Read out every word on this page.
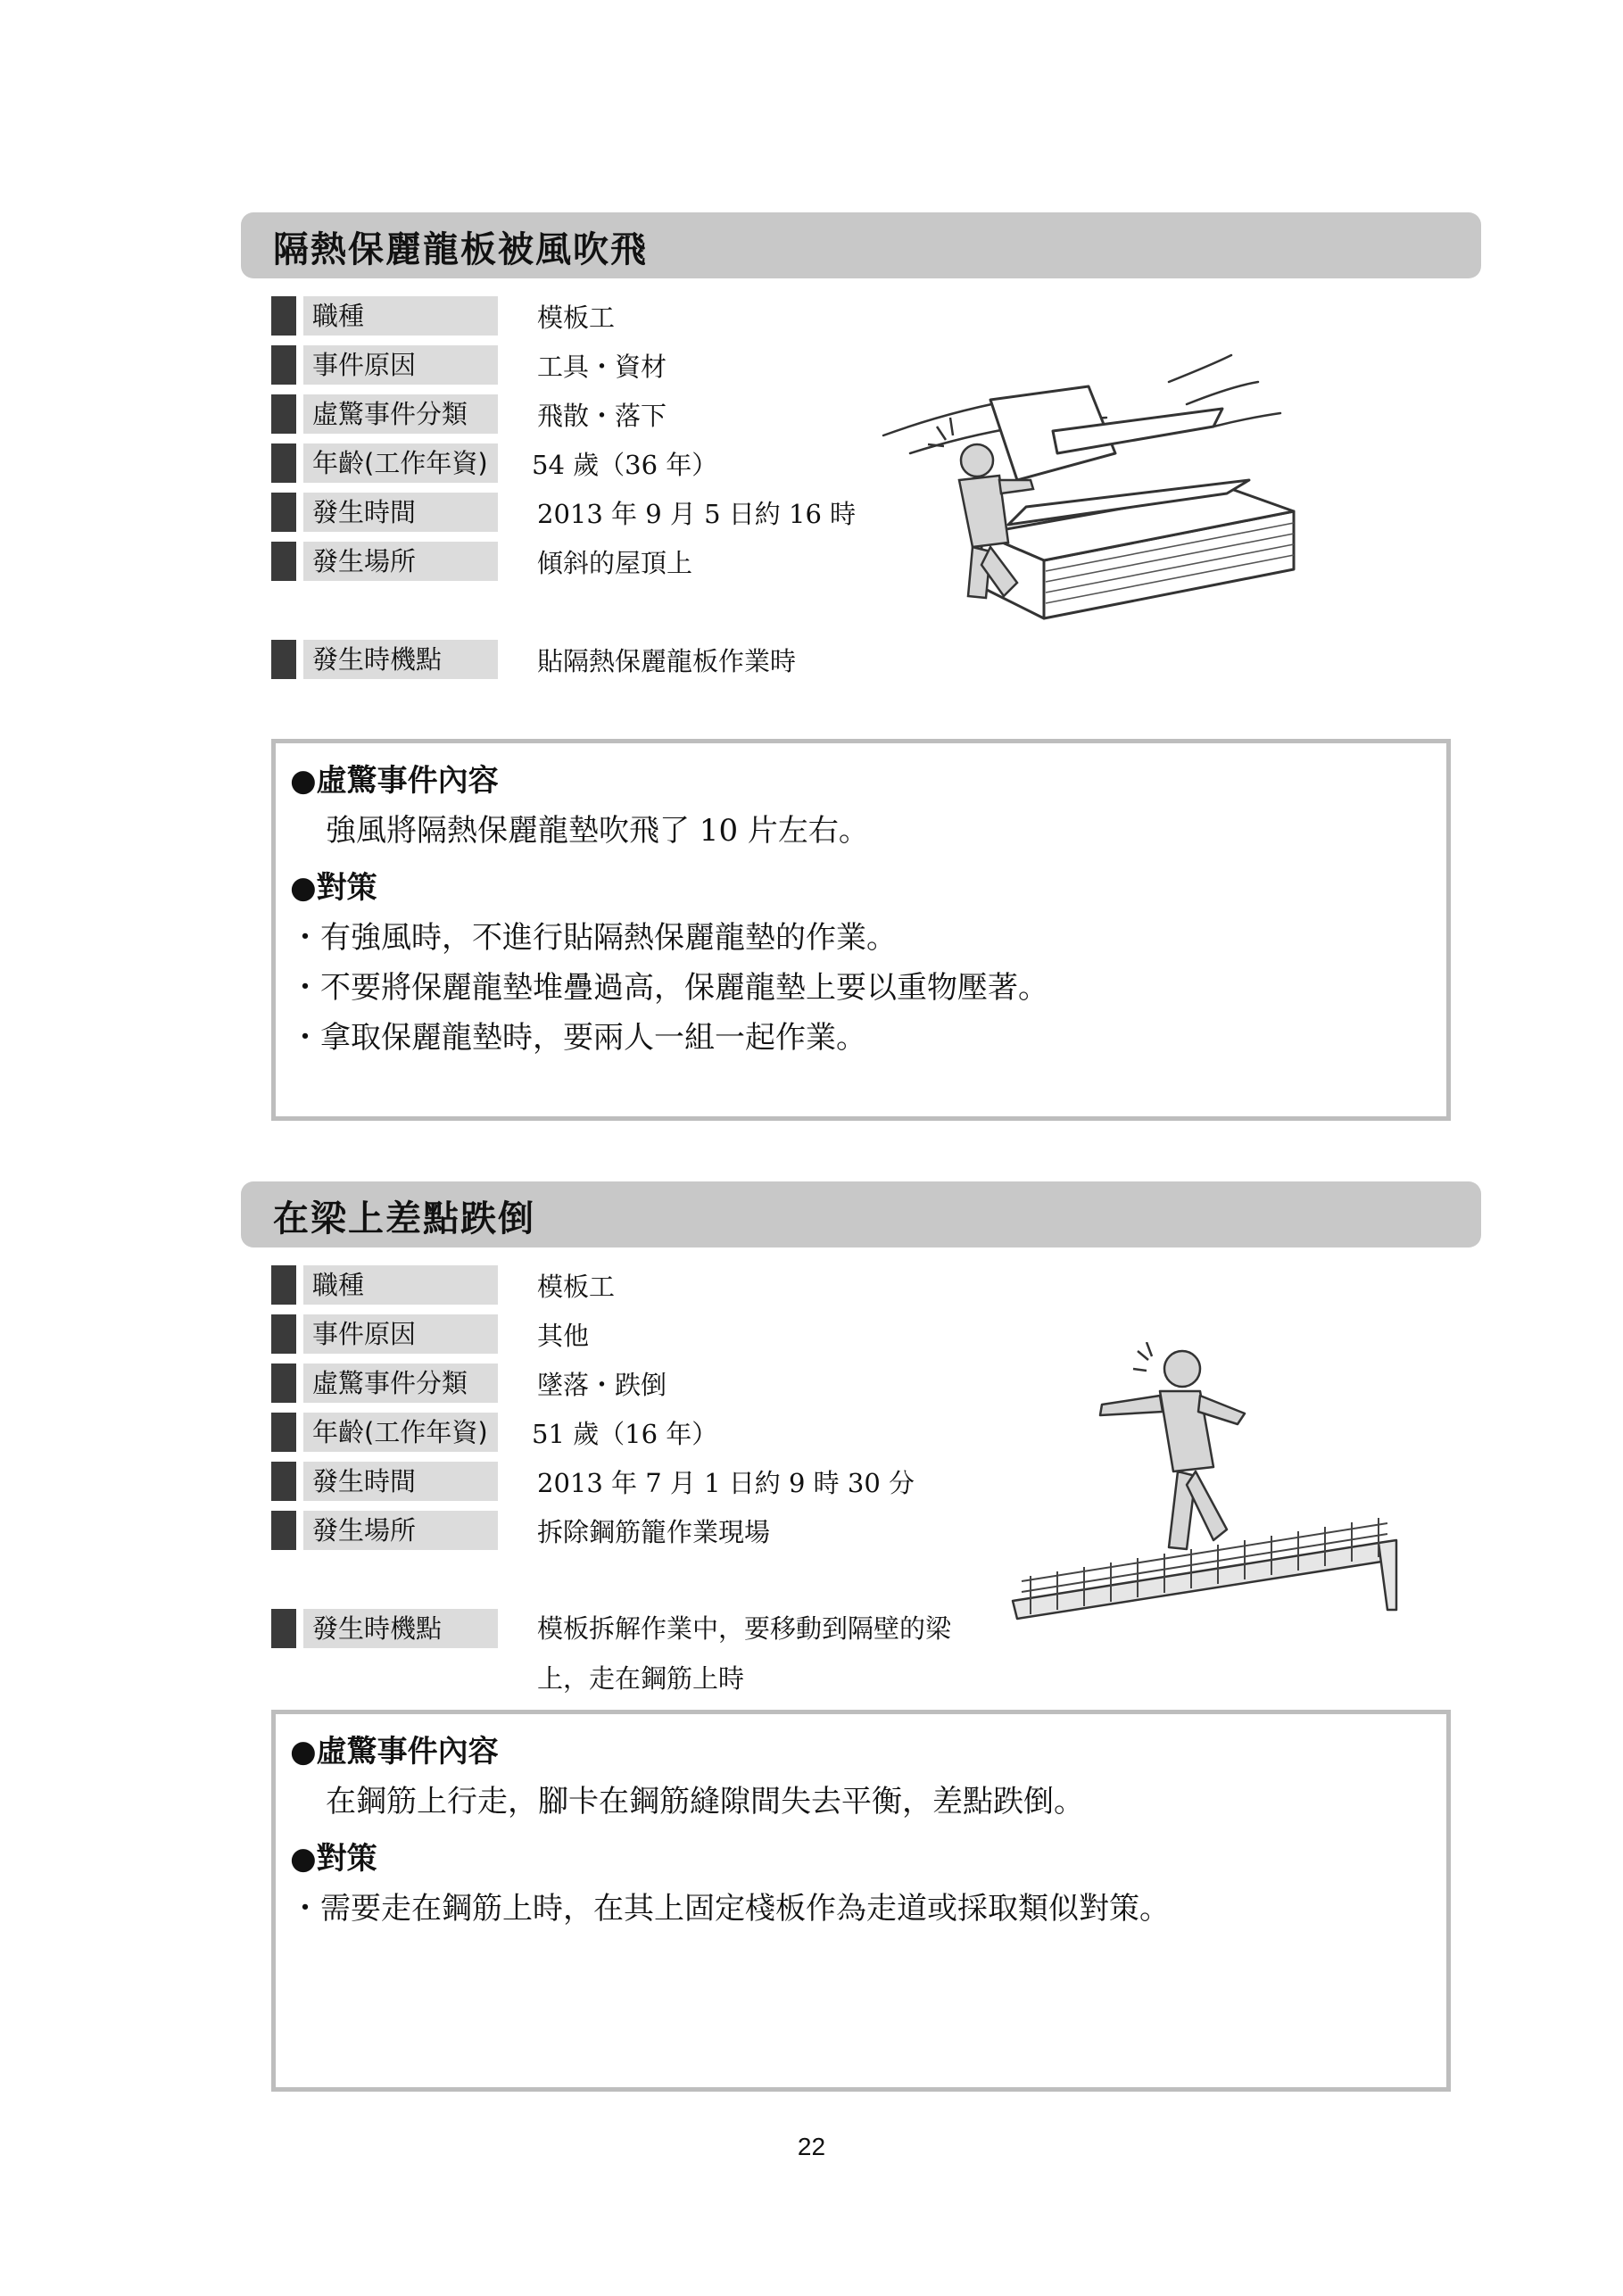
隔熱保麗龍板被風吹飛
職種	模板工
事件原因	工具・資材
虛驚事件分類	飛散・落下
年齡(工作年資)	54 歲（36 年）
發生時間	2013 年 9 月 5 日約 16 時
發生場所	傾斜的屋頂上
發生時機點	貼隔熱保麗龍板作業時
●虛驚事件內容
強風將隔熱保麗龍墊吹飛了 10 片左右。
●對策
・有強風時，不進行貼隔熱保麗龍墊的作業。
・不要將保麗龍墊堆疊過高，保麗龍墊上要以重物壓著。
・拿取保麗龍墊時，要兩人一組一起作業。
在梁上差點跌倒
職種	模板工
事件原因	其他
虛驚事件分類	墜落・跌倒
年齡(工作年資)	51 歲（16 年）
發生時間	2013 年 7 月 1 日約 9 時 30 分
發生場所	拆除鋼筋籠作業現場
發生時機點	模板拆解作業中，要移動到隔壁的梁上，走在鋼筋上時
●虛驚事件內容
在鋼筋上行走，腳卡在鋼筋縫隙間失去平衡，差點跌倒。
●對策
・需要走在鋼筋上時，在其上固定棧板作為走道或採取類似對策。
22
